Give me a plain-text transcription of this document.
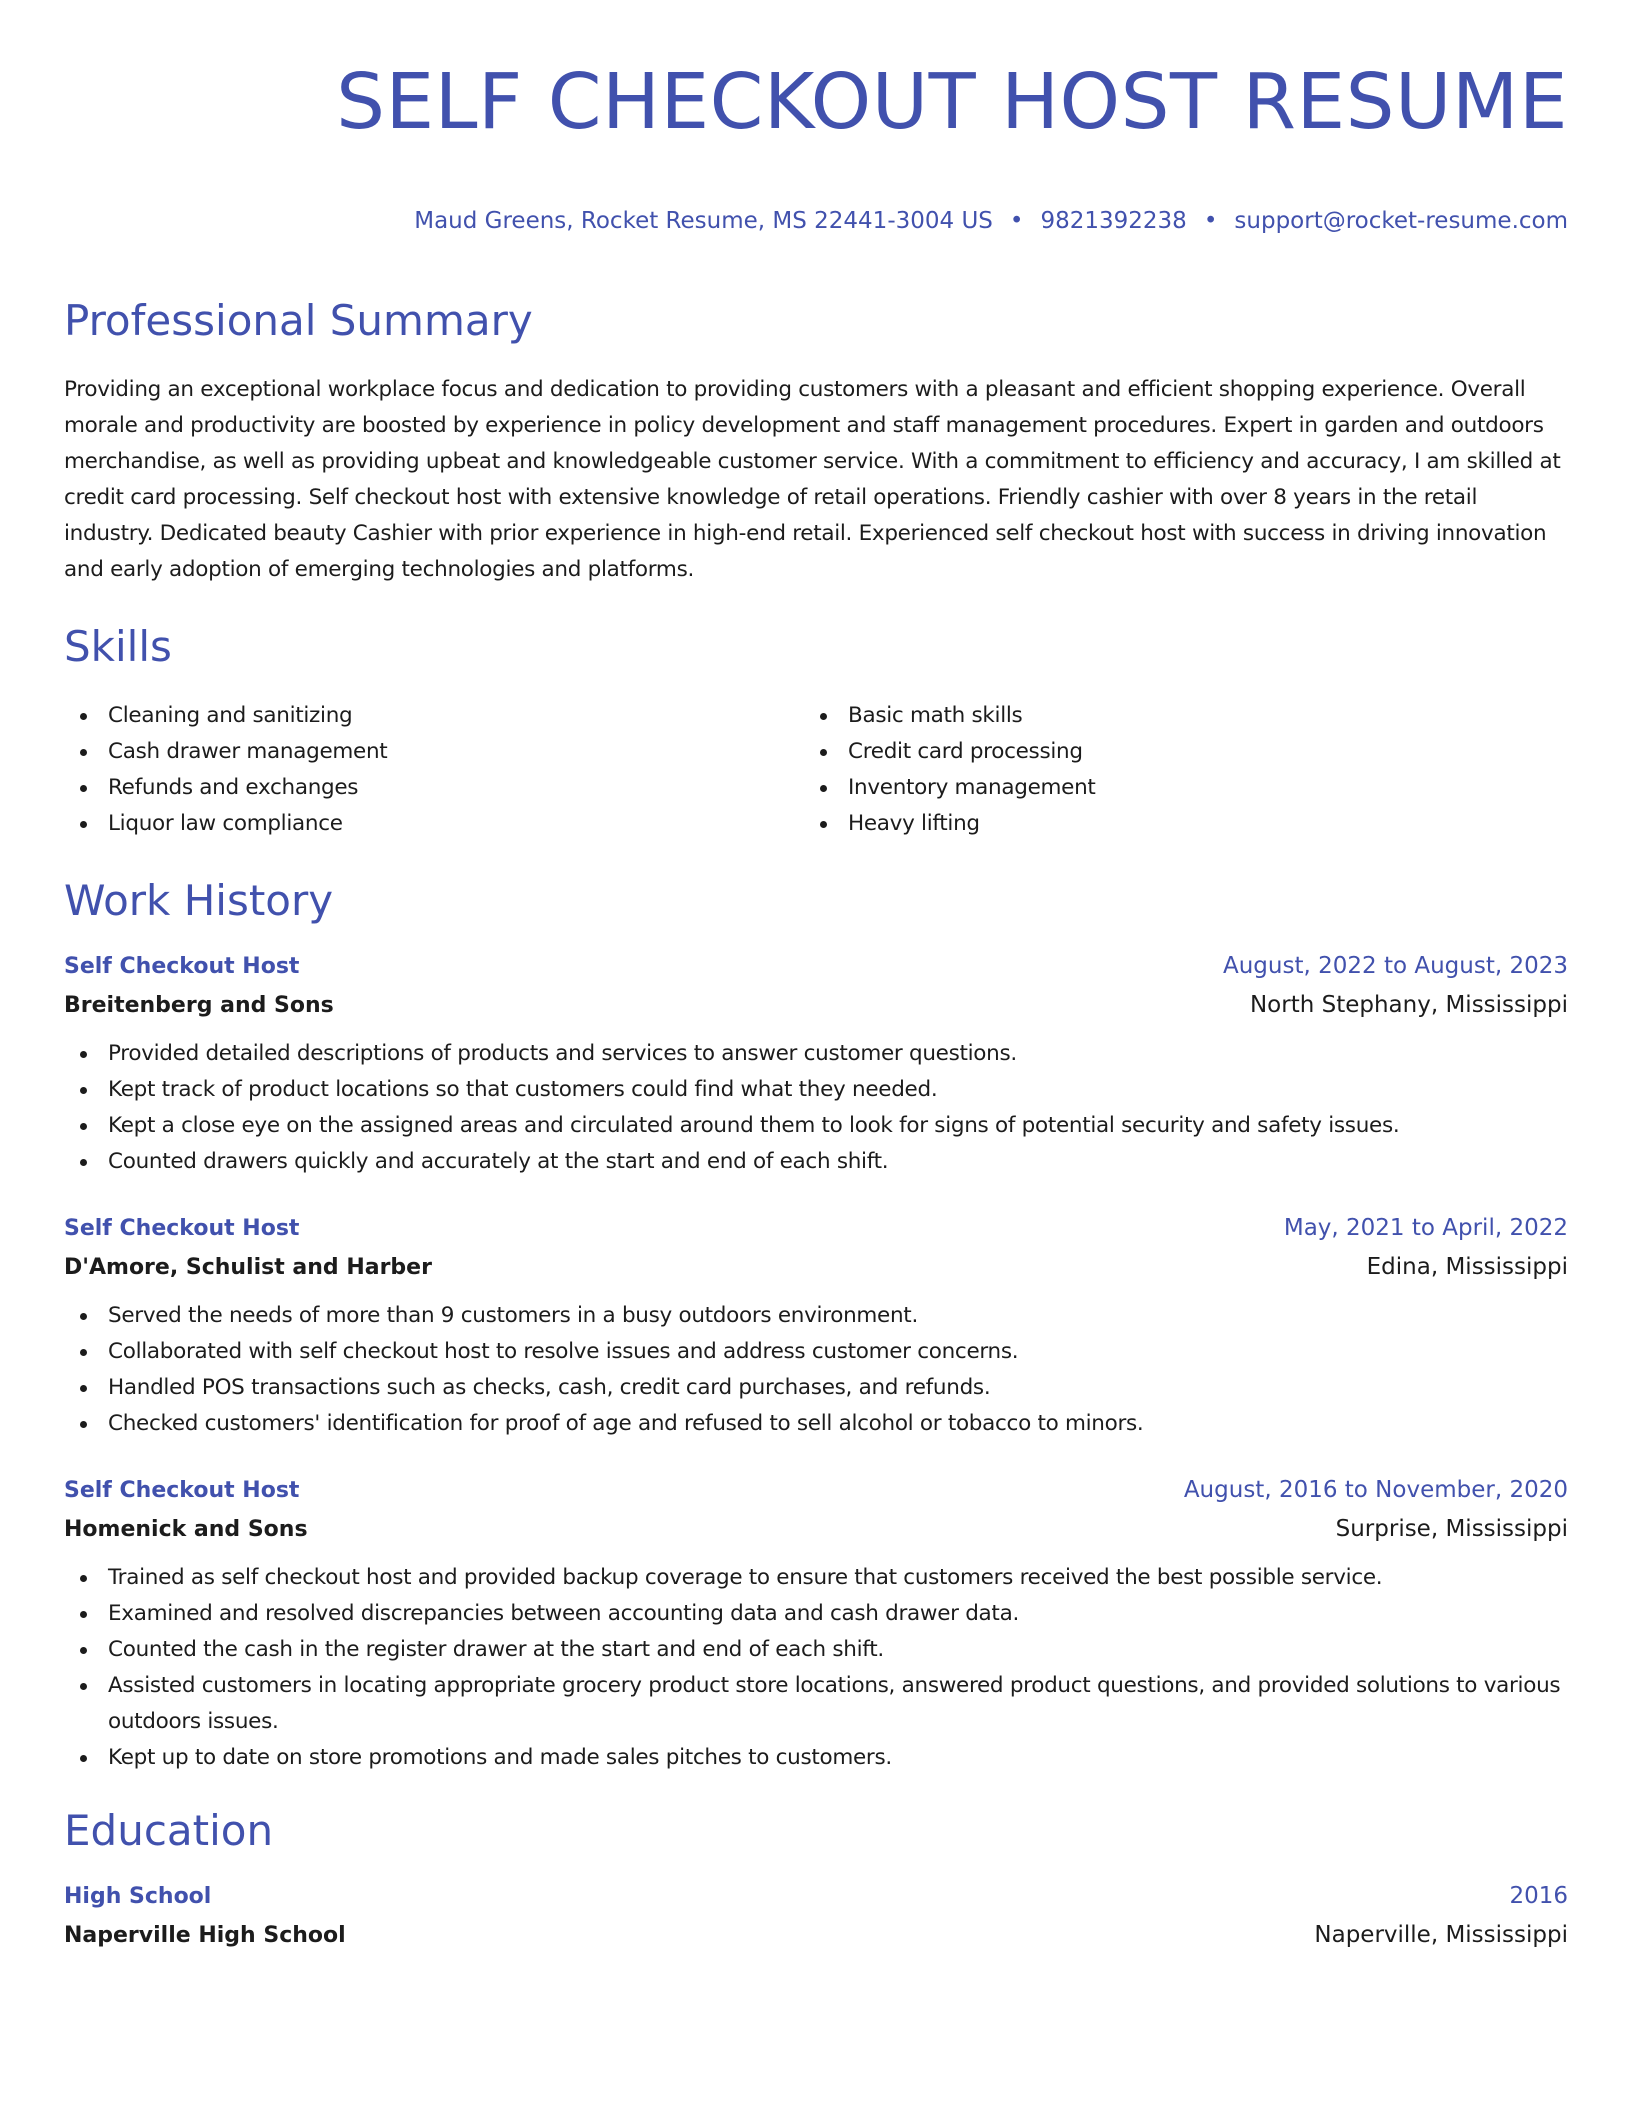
SELF CHECKOUT HOST RESUME
Maud Greens, Rocket Resume, MS 22441-3004 US • 9821392238 • support@rocket-resume.com
Professional Summary
Providing an exceptional workplace focus and dedication to providing customers with a pleasant and efficient shopping experience. Overall morale and productivity are boosted by experience in policy development and staff management procedures. Expert in garden and outdoors merchandise, as well as providing upbeat and knowledgeable customer service. With a commitment to efficiency and accuracy, I am skilled at credit card processing. Self checkout host with extensive knowledge of retail operations. Friendly cashier with over 8 years in the retail industry. Dedicated beauty Cashier with prior experience in high-end retail. Experienced self checkout host with success in driving innovation and early adoption of emerging technologies and platforms.
Skills
Cleaning and sanitizing
Cash drawer management
Refunds and exchanges
Liquor law compliance
Basic math skills
Credit card processing
Inventory management
Heavy lifting
Work History
Self Checkout Host	August, 2022 to August, 2023
Breitenberg and Sons	North Stephany, Mississippi
Provided detailed descriptions of products and services to answer customer questions.
Kept track of product locations so that customers could find what they needed.
Kept a close eye on the assigned areas and circulated around them to look for signs of potential security and safety issues.
Counted drawers quickly and accurately at the start and end of each shift.
Self Checkout Host	May, 2021 to April, 2022
D'Amore, Schulist and Harber	Edina, Mississippi
Served the needs of more than 9 customers in a busy outdoors environment.
Collaborated with self checkout host to resolve issues and address customer concerns.
Handled POS transactions such as checks, cash, credit card purchases, and refunds.
Checked customers' identification for proof of age and refused to sell alcohol or tobacco to minors.
Self Checkout Host	August, 2016 to November, 2020
Homenick and Sons	Surprise, Mississippi
Trained as self checkout host and provided backup coverage to ensure that customers received the best possible service.
Examined and resolved discrepancies between accounting data and cash drawer data.
Counted the cash in the register drawer at the start and end of each shift.
Assisted customers in locating appropriate grocery product store locations, answered product questions, and provided solutions to various outdoors issues.
Kept up to date on store promotions and made sales pitches to customers.
Education
High School	2016
Naperville High School	Naperville, Mississippi
